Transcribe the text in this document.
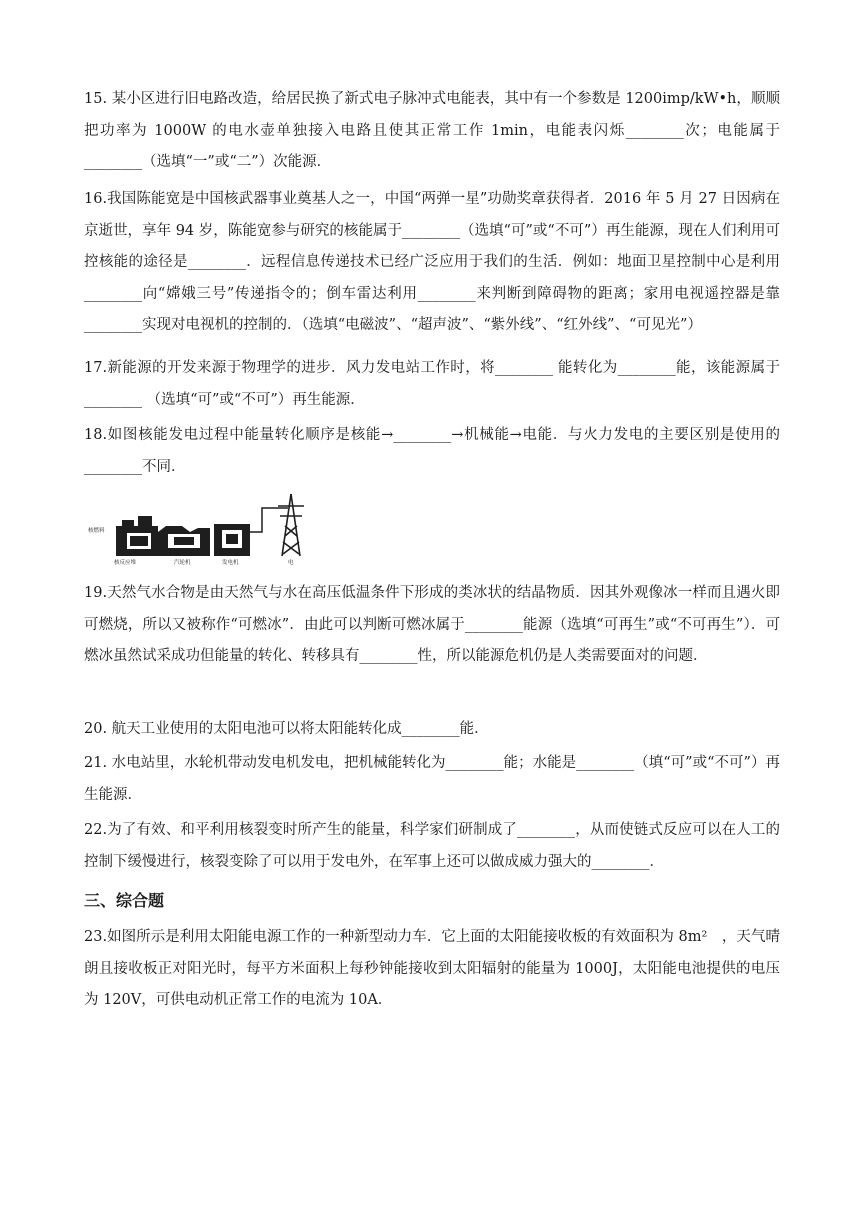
15. 某小区进行旧电路改造，给居民换了新式电子脉冲式电能表，其中有一个参数是 1200imp/kW•h，顺顺把功率为 1000W 的电水壶单独接入电路且使其正常工作 1min，电能表闪烁________次；电能属于________（选填“一”或“二”）次能源．
16.我国陈能宽是中国核武器事业奠基人之一，中国“两弹一星”功勋奖章获得者．2016 年 5 月 27 日因病在京逝世，享年 94 岁，陈能宽参与研究的核能属于________（选填“可”或“不可”）再生能源，现在人们利用可控核能的途径是________．远程信息传递技术已经广泛应用于我们的生活．例如：地面卫星控制中心是利用________向“嫦娥三号”传递指令的；倒车雷达利用________来判断到障碍物的距离；家用电视遥控器是靠________实现对电视机的控制的．（选填“电磁波”、“超声波”、“紫外线”、“红外线”、“可见光”）
17.新能源的开发来源于物理学的进步．风力发电站工作时，将________ 能转化为________能，该能源属于________ （选填“可”或“不可”）再生能源．
18.如图核能发电过程中能量转化顺序是核能→________→机械能→电能．与火力发电的主要区别是使用的________不同．
核燃料
核反应堆	汽轮机	发电机	电
19.天然气水合物是由天然气与水在高压低温条件下形成的类冰状的结晶物质．因其外观像冰一样而且遇火即可燃烧，所以又被称作“可燃冰”．由此可以判断可燃冰属于________能源（选填“可再生”或“不可再生”）．可燃冰虽然试采成功但能量的转化、转移具有________性，所以能源危机仍是人类需要面对的问题．
20. 航天工业使用的太阳电池可以将太阳能转化成________能．
21. 水电站里，水轮机带动发电机发电，把机械能转化为________能；水能是________（填“可”或“不可”）再生能源．
22.为了有效、和平利用核裂变时所产生的能量，科学家们研制成了________，从而使链式反应可以在人工的控制下缓慢进行，核裂变除了可以用于发电外，在军事上还可以做成威力强大的________．
三、综合题
23.如图所示是利用太阳能电源工作的一种新型动力车．它上面的太阳能接收板的有效面积为 8m²　，天气晴朗且接收板正对阳光时，每平方米面积上每秒钟能接收到太阳辐射的能量为 1000J，太阳能电池提供的电压为 120V，可供电动机正常工作的电流为 10A．
